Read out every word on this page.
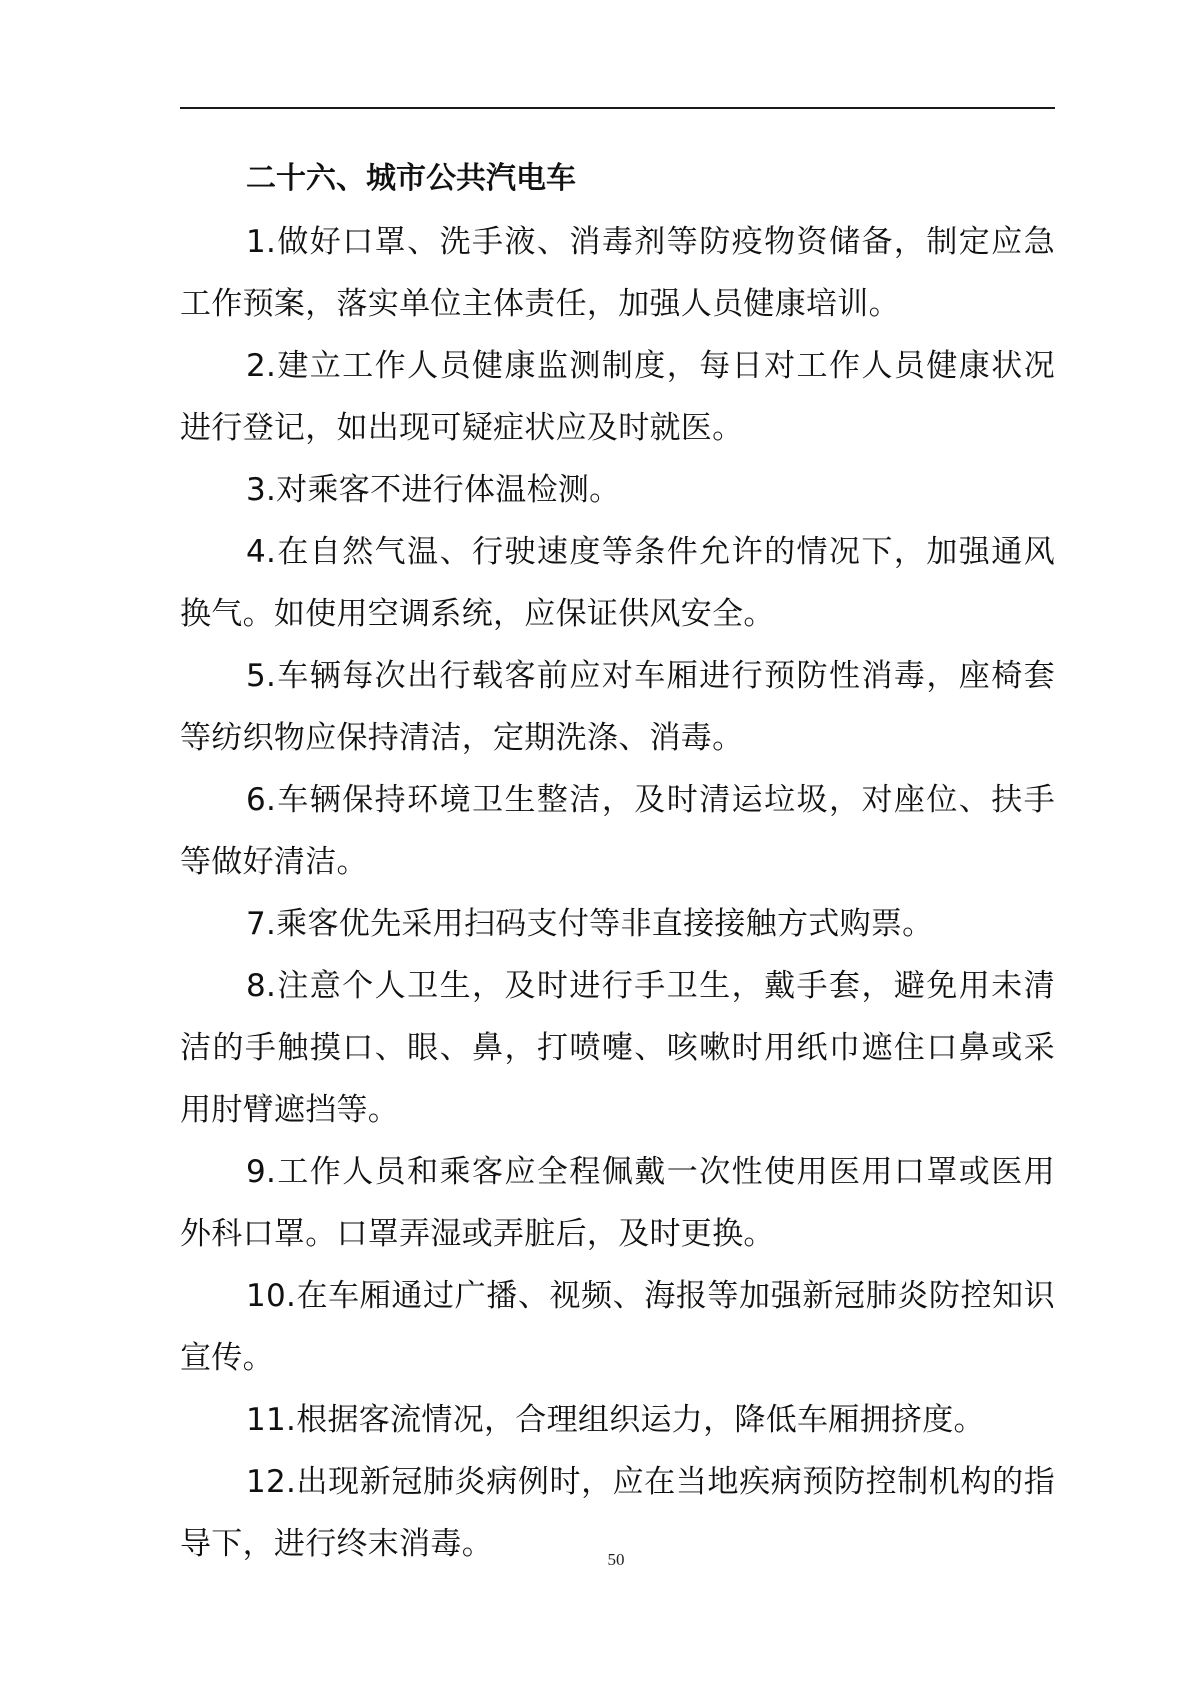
二十六、城市公共汽电车

1.做好口罩、洗手液、消毒剂等防疫物资储备，制定应急工作预案，落实单位主体责任，加强人员健康培训。

2.建立工作人员健康监测制度，每日对工作人员健康状况进行登记，如出现可疑症状应及时就医。

3.对乘客不进行体温检测。

4.在自然气温、行驶速度等条件允许的情况下，加强通风换气。如使用空调系统，应保证供风安全。

5.车辆每次出行载客前应对车厢进行预防性消毒，座椅套等纺织物应保持清洁，定期洗涤、消毒。

6.车辆保持环境卫生整洁，及时清运垃圾，对座位、扶手等做好清洁。

7.乘客优先采用扫码支付等非直接接触方式购票。

8.注意个人卫生，及时进行手卫生，戴手套，避免用未清洁的手触摸口、眼、鼻，打喷嚏、咳嗽时用纸巾遮住口鼻或采用肘臂遮挡等。

9.工作人员和乘客应全程佩戴一次性使用医用口罩或医用外科口罩。口罩弄湿或弄脏后，及时更换。

10.在车厢通过广播、视频、海报等加强新冠肺炎防控知识宣传。

11.根据客流情况，合理组织运力，降低车厢拥挤度。

12.出现新冠肺炎病例时，应在当地疾病预防控制机构的指导下，进行终末消毒。	50
